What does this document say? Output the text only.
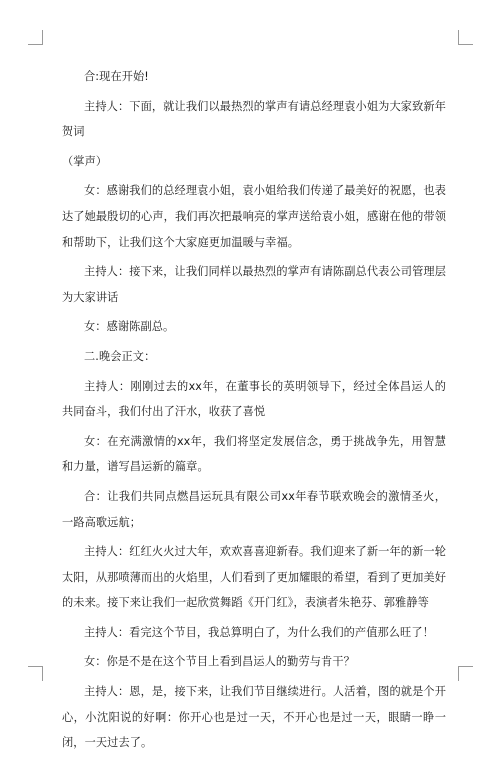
合:现在开始!

主持人：下面，就让我们以最热烈的掌声有请总经理袁小姐为大家致新年贺词

（掌声）

女：感谢我们的总经理袁小姐，袁小姐给我们传递了最美好的祝愿，也表达了她最殷切的心声，我们再次把最响亮的掌声送给袁小姐，感谢在他的带领和帮助下，让我们这个大家庭更加温暖与幸福。

主持人：接下来，让我们同样以最热烈的掌声有请陈副总代表公司管理层为大家讲话

女：感谢陈副总。

二.晚会正文：

主持人：刚刚过去的xx年，在董事长的英明领导下，经过全体昌运人的共同奋斗，我们付出了汗水，收获了喜悦

女：在充满激情的xx年，我们将坚定发展信念，勇于挑战争先，用智慧和力量，谱写昌运新的篇章。

合：让我们共同点燃昌运玩具有限公司xx年春节联欢晚会的激情圣火，一路高歌远航；

主持人：红红火火过大年，欢欢喜喜迎新春。我们迎来了新一年的新一轮太阳，从那喷薄而出的火焰里，人们看到了更加耀眼的希望，看到了更加美好的未来。接下来让我们一起欣赏舞蹈《开门红》，表演者朱艳芬、郭雅静等

主持人：看完这个节目，我总算明白了，为什么我们的产值那么旺了！

女：你是不是在这个节目上看到昌运人的勤劳与肯干？

主持人：恩，是，接下来，让我们节目继续进行。人活着，图的就是个开心，小沈阳说的好啊：你开心也是过一天，不开心也是过一天，眼睛一睁一闭，一天过去了。
